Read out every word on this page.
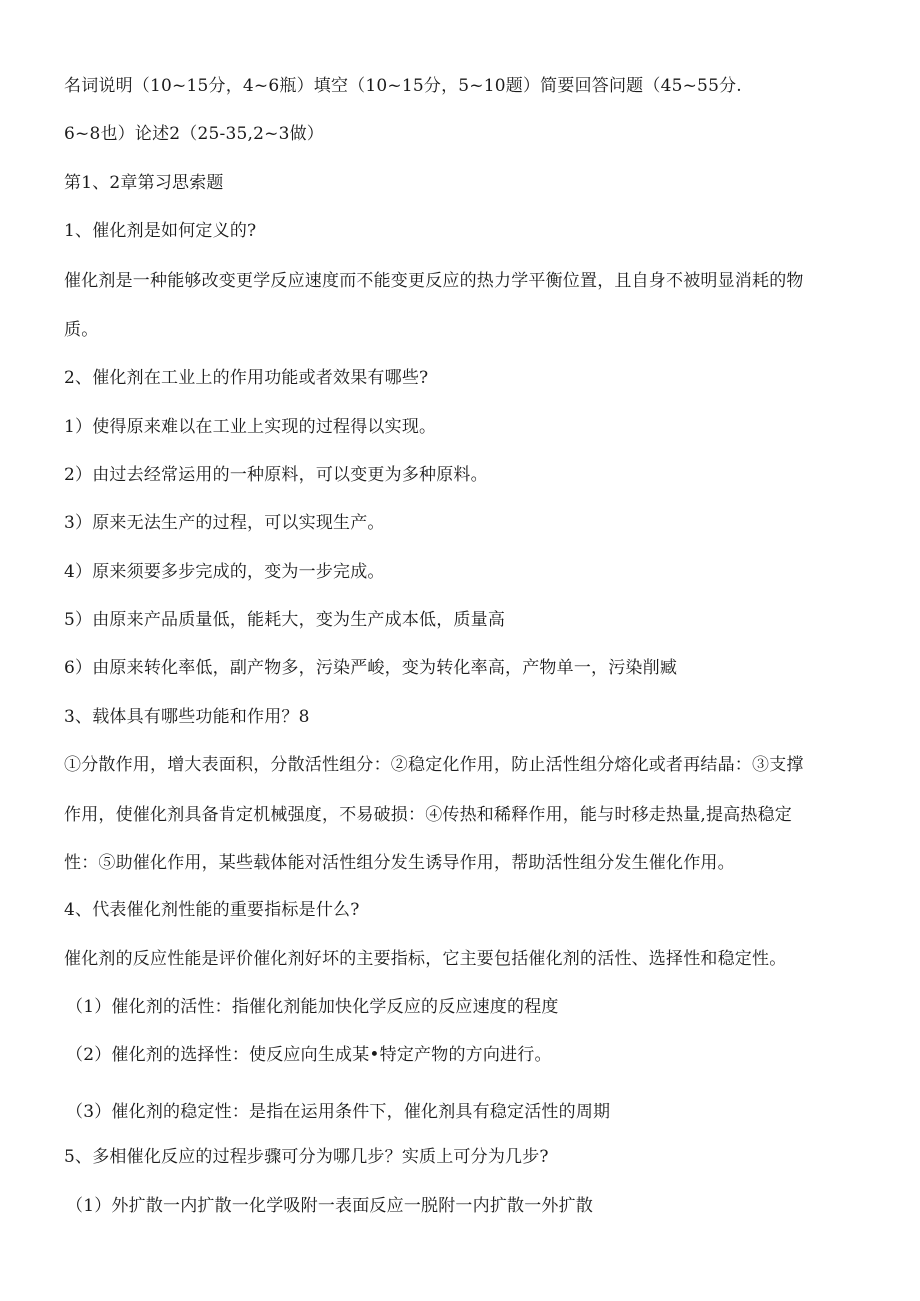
名词说明（10~15分，4~6瓶）填空（10~15分，5~10题）简要回答问题（45~55分.
6~8也）论述2（25-35,2~3做）
第1、2章第习思索题
1、催化剂是如何定义的?
催化剂是一种能够改变更学反应速度而不能变更反应的热力学平衡位置，且自身不被明显消耗的物
质。
2、催化剂在工业上的作用功能或者效果有哪些?
1）使得原来难以在工业上实现的过程得以实现。
2）由过去经常运用的一种原料，可以变更为多种原料。
3）原来无法生产的过程，可以实现生产。
4）原来须要多步完成的，变为一步完成。
5）由原来产品质量低，能耗大，变为生产成本低，质量高
6）由原来转化率低，副产物多，污染严峻，变为转化率高，产物单一，污染削臧
3、载体具有哪些功能和作用？8
①分散作用，增大表面积，分散活性组分：②稳定化作用，防止活性组分熔化或者再结晶：③支撑
作用，使催化剂具备肯定机械强度，不易破损：④传热和稀释作用，能与时移走热量,提高热稳定
性：⑤助催化作用，某些载体能对活性组分发生诱导作用，帮助活性组分发生催化作用。
4、代表催化剂性能的重要指标是什么?
催化剂的反应性能是评价催化剂好坏的主要指标，它主要包括催化剂的活性、选择性和稳定性。
（1）催化剂的活性：指催化剂能加快化学反应的反应速度的程度
（2）催化剂的选择性：使反应向生成某•特定产物的方向进行。
（3）催化剂的稳定性：是指在运用条件下，催化剂具有稳定活性的周期
5、多相催化反应的过程步骤可分为哪几步？实质上可分为几步?
（1）外扩散一内扩散一化学吸附一表面反应一脱附一内扩散一外扩散
